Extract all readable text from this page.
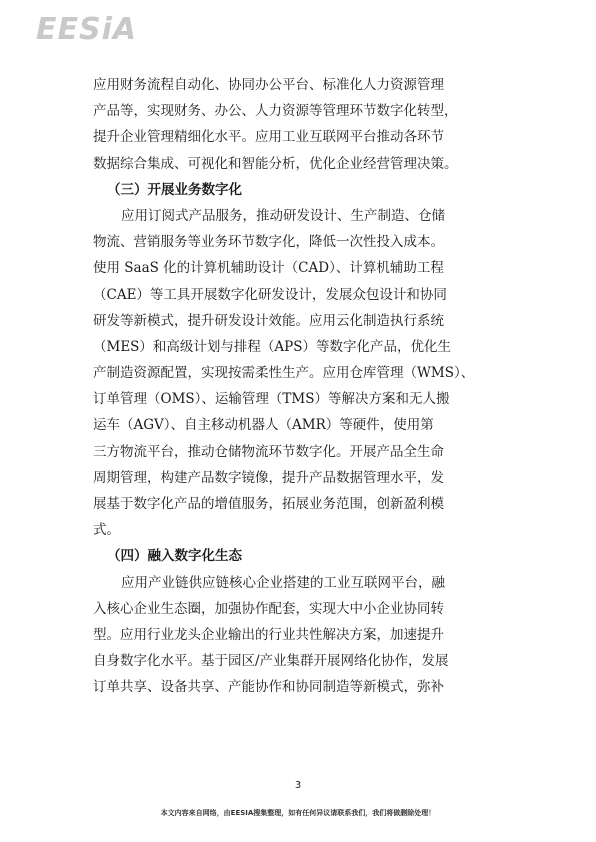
EESiA
应用财务流程自动化、协同办公平台、标准化人力资源管理
产品等，实现财务、办公、人力资源等管理环节数字化转型，
提升企业管理精细化水平。应用工业互联网平台推动各环节
数据综合集成、可视化和智能分析，优化企业经营管理决策。
（三）开展业务数字化
应用订阅式产品服务，推动研发设计、生产制造、仓储
物流、营销服务等业务环节数字化，降低一次性投入成本。
使用 SaaS 化的计算机辅助设计（CAD）、计算机辅助工程
（CAE）等工具开展数字化研发设计，发展众包设计和协同
研发等新模式，提升研发设计效能。应用云化制造执行系统
（MES）和高级计划与排程（APS）等数字化产品，优化生
产制造资源配置，实现按需柔性生产。应用仓库管理（WMS）、
订单管理（OMS）、运输管理（TMS）等解决方案和无人搬
运车（AGV）、自主移动机器人（AMR）等硬件，使用第
三方物流平台，推动仓储物流环节数字化。开展产品全生命
周期管理，构建产品数字镜像，提升产品数据管理水平，发
展基于数字化产品的增值服务，拓展业务范围，创新盈利模
式。
（四）融入数字化生态
应用产业链供应链核心企业搭建的工业互联网平台，融
入核心企业生态圈，加强协作配套，实现大中小企业协同转
型。应用行业龙头企业输出的行业共性解决方案，加速提升
自身数字化水平。基于园区/产业集群开展网络化协作，发展
订单共享、设备共享、产能协作和协同制造等新模式，弥补
3
本文内容来自网络，由EESIA搜集整理，如有任何异议请联系我们，我们将做删除处理！
